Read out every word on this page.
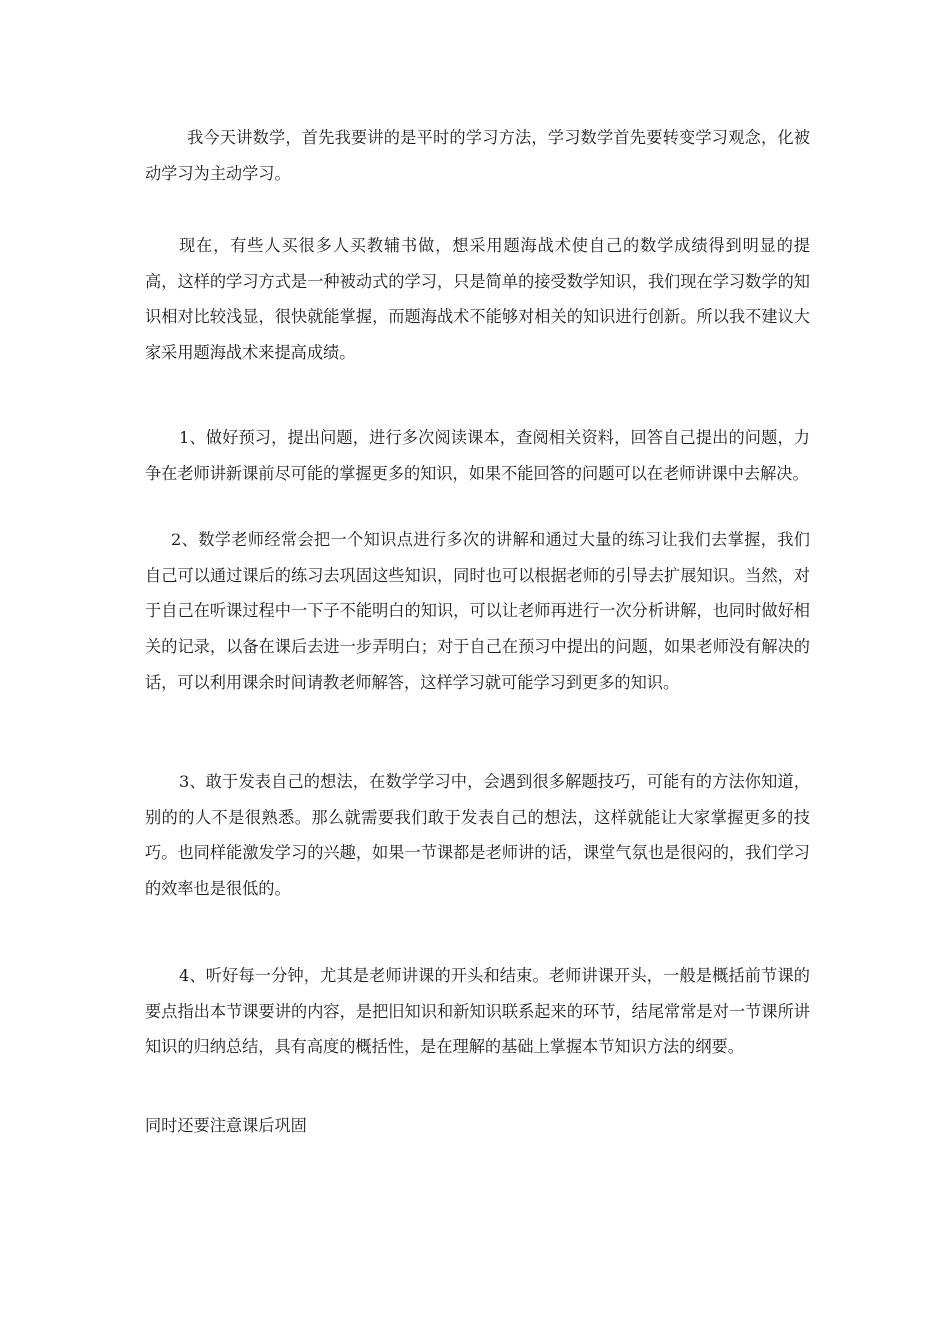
我今天讲数学，首先我要讲的是平时的学习方法，学习数学首先要转变学习观念，化被动学习为主动学习。

现在，有些人买很多人买教辅书做，想采用题海战术使自己的数学成绩得到明显的提高，这样的学习方式是一种被动式的学习，只是简单的接受数学知识，我们现在学习数学的知识相对比较浅显，很快就能掌握，而题海战术不能够对相关的知识进行创新。所以我不建议大家采用题海战术来提高成绩。

1、做好预习，提出问题，进行多次阅读课本，查阅相关资料，回答自己提出的问题，力争在老师讲新课前尽可能的掌握更多的知识，如果不能回答的问题可以在老师讲课中去解决。

2、数学老师经常会把一个知识点进行多次的讲解和通过大量的练习让我们去掌握，我们自己可以通过课后的练习去巩固这些知识，同时也可以根据老师的引导去扩展知识。当然，对于自己在听课过程中一下子不能明白的知识，可以让老师再进行一次分析讲解，也同时做好相关的记录，以备在课后去进一步弄明白；对于自己在预习中提出的问题，如果老师没有解决的话，可以利用课余时间请教老师解答，这样学习就可能学习到更多的知识。

3、敢于发表自己的想法，在数学学习中，会遇到很多解题技巧，可能有的方法你知道，别的的人不是很熟悉。那么就需要我们敢于发表自己的想法，这样就能让大家掌握更多的技巧。也同样能激发学习的兴趣，如果一节课都是老师讲的话，课堂气氛也是很闷的，我们学习的效率也是很低的。

4、听好每一分钟，尤其是老师讲课的开头和结束。老师讲课开头，一般是概括前节课的要点指出本节课要讲的内容，是把旧知识和新知识联系起来的环节，结尾常常是对一节课所讲知识的归纳总结，具有高度的概括性，是在理解的基础上掌握本节知识方法的纲要。

同时还要注意课后巩固
